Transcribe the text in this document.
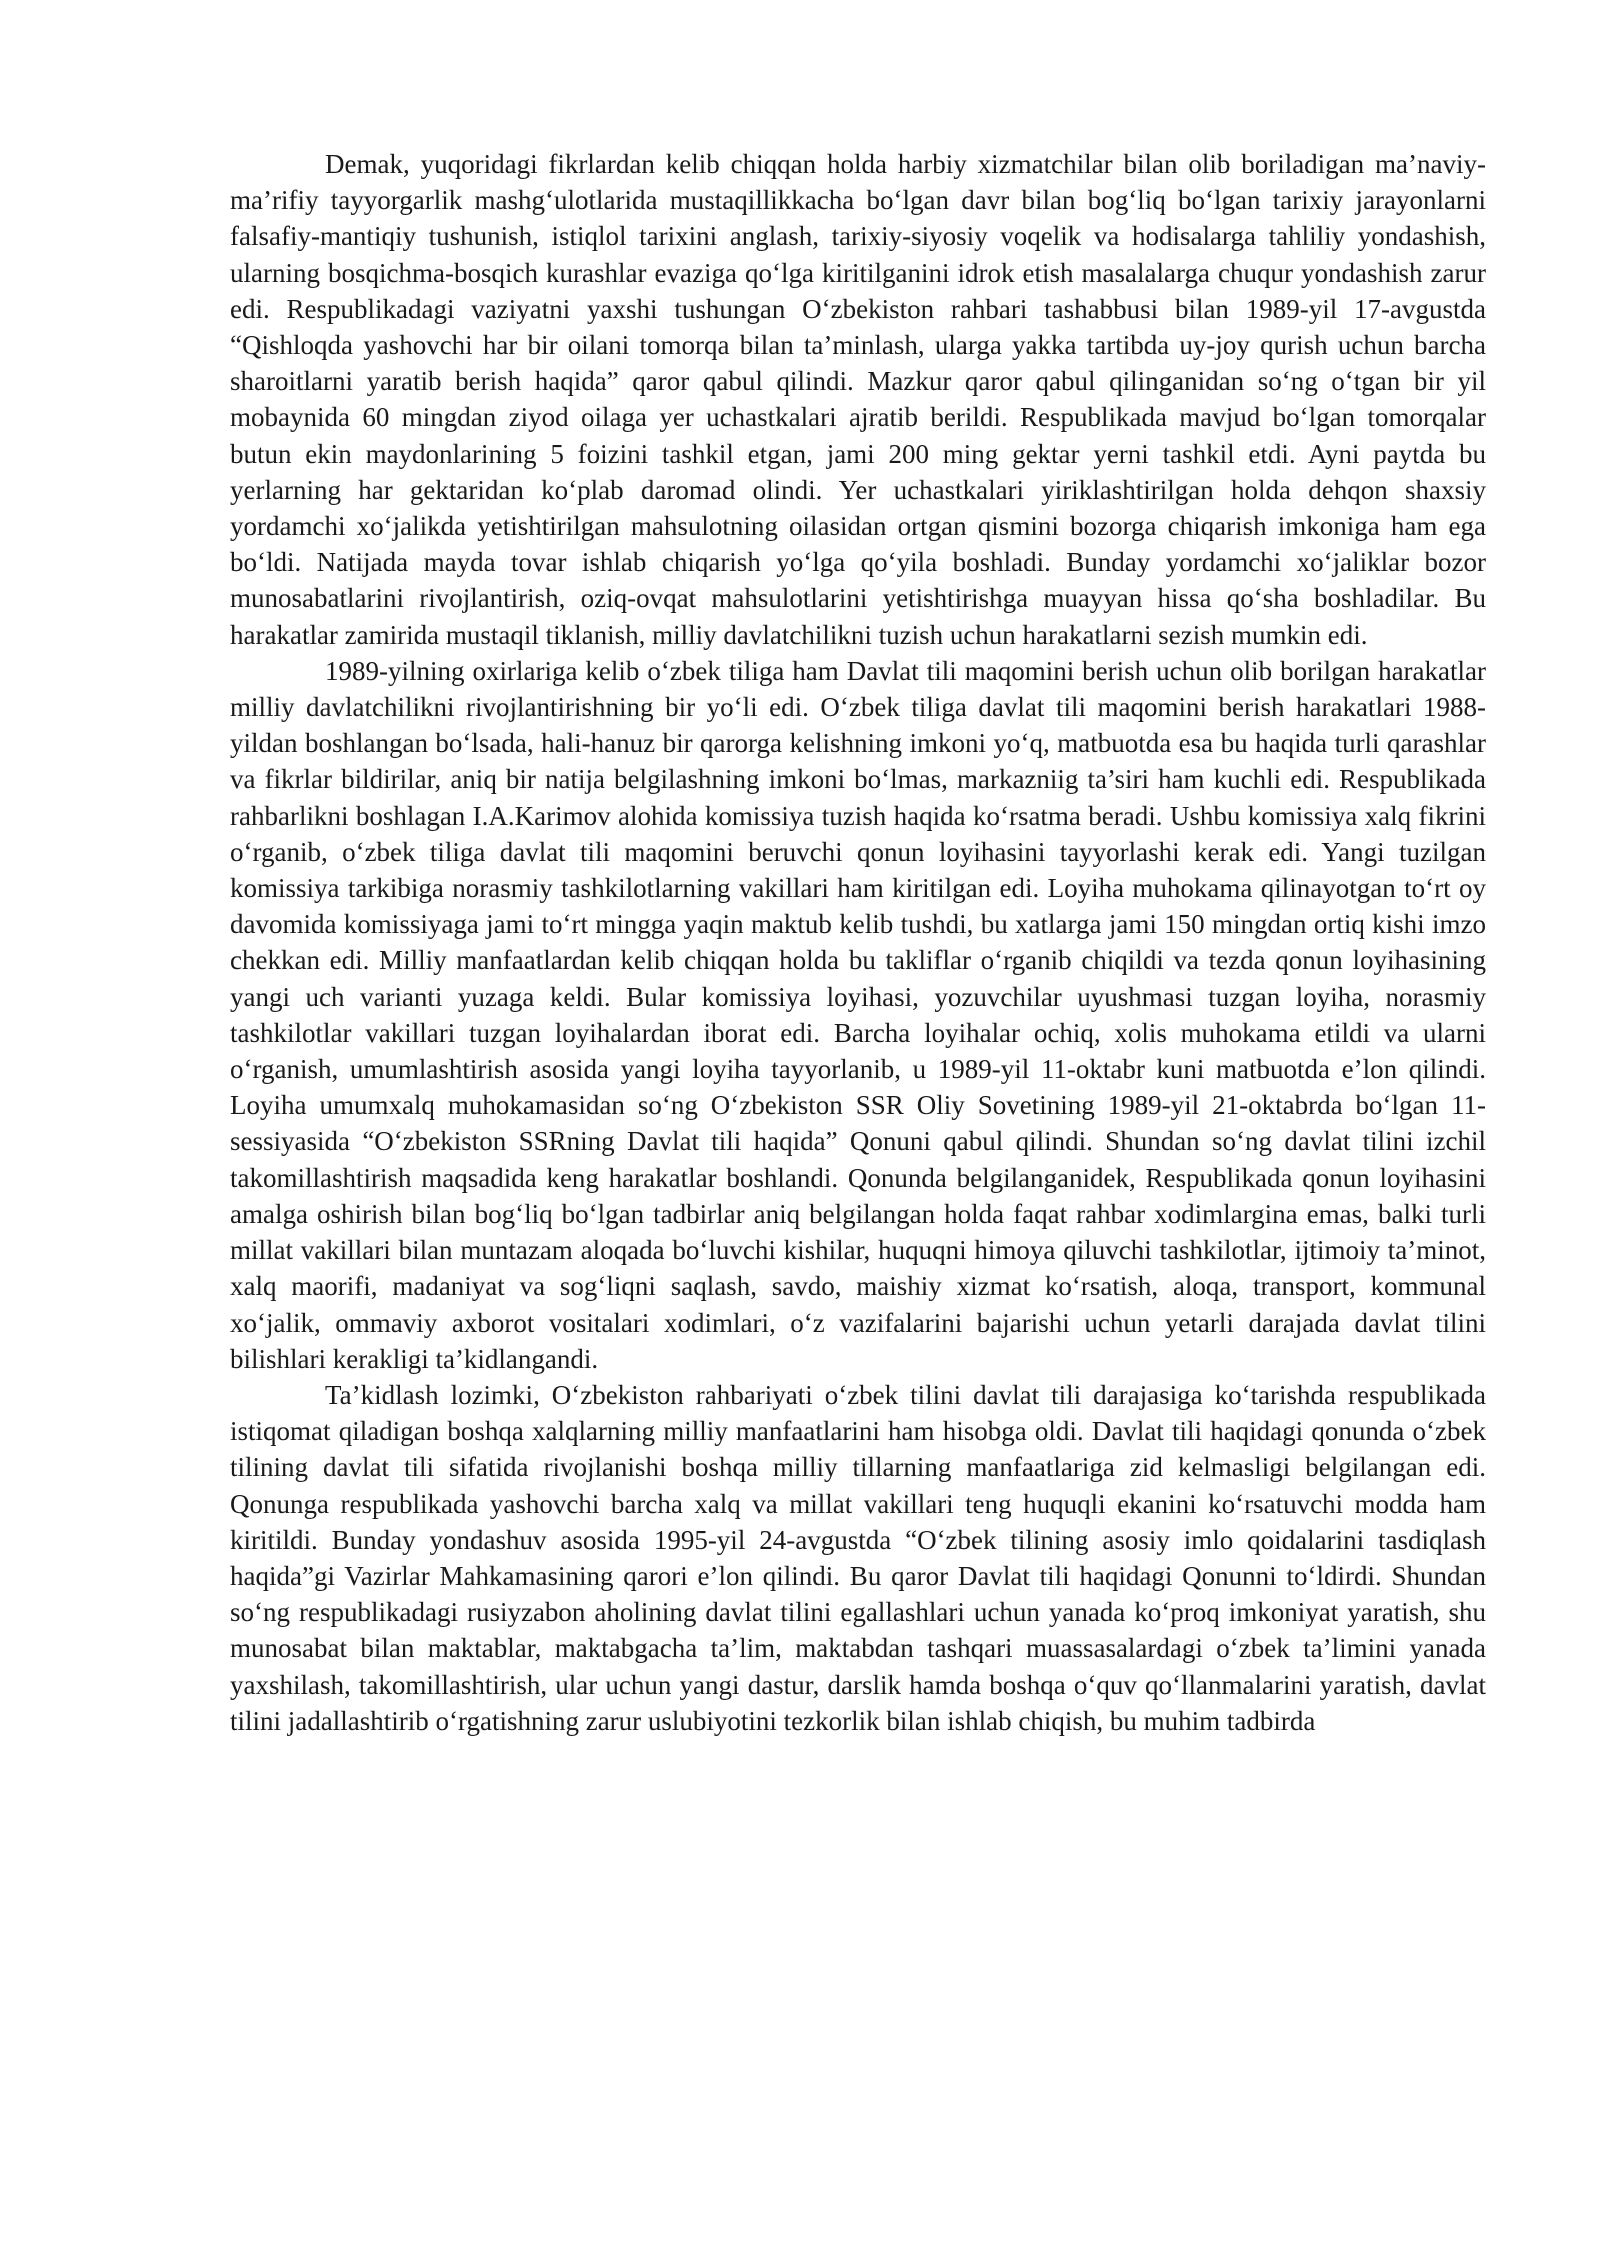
Demak, yuqoridagi fikrlardan kelib chiqqan holda harbiy xizmatchilar bilan olib boriladigan ma’naviy-ma’rifiy tayyorgarlik mashg‘ulotlarida mustaqillikkacha bo‘lgan davr bilan bog‘liq bo‘lgan tarixiy jarayonlarni falsafiy-mantiqiy tushunish, istiqlol tarixini anglash, tarixiy-siyosiy voqelik va hodisalarga tahliliy yondashish, ularning bosqichma-bosqich kurashlar evaziga qo‘lga kiritilganini idrok etish masalalarga chuqur yondashish zarur edi. Respublikadagi vaziyatni yaxshi tushungan O‘zbekiston rahbari tashabbusi bilan 1989-yil 17-avgustda “Qishloqda yashovchi har bir oilani tomorqa bilan ta’minlash, ularga yakka tartibda uy-joy qurish uchun barcha sharoitlarni yaratib berish haqida” qaror qabul qilindi. Mazkur qaror qabul qilinganidan so‘ng o‘tgan bir yil mobaynida 60 mingdan ziyod oilaga yer uchastkalari ajratib berildi. Respublikada mavjud bo‘lgan tomorqalar butun ekin maydonlarining 5 foizini tashkil etgan, jami 200 ming gektar yerni tashkil etdi. Ayni paytda bu yerlarning har gektaridan ko‘plab daromad olindi. Yer uchastkalari yiriklashtirilgan holda dehqon shaxsiy yordamchi xo‘jalikda yetishtirilgan mahsulotning oilasidan ortgan qismini bozorga chiqarish imkoniga ham ega bo‘ldi. Natijada mayda tovar ishlab chiqarish yo‘lga qo‘yila boshladi. Bunday yordamchi xo‘jaliklar bozor munosabatlarini rivojlantirish, oziq-ovqat mahsulotlarini yetishtirishga muayyan hissa qo‘sha boshladilar. Bu harakatlar zamirida mustaqil tiklanish, milliy davlatchilikni tuzish uchun harakatlarni sezish mumkin edi.

1989-yilning oxirlariga kelib o‘zbek tiliga ham Davlat tili maqomini berish uchun olib borilgan harakatlar milliy davlatchilikni rivojlantirishning bir yo‘li edi. O‘zbek tiliga davlat tili maqomini berish harakatlari 1988-yildan boshlangan bo‘lsada, hali-hanuz bir qarorga kelishning imkoni yo‘q, matbuotda esa bu haqida turli qarashlar va fikrlar bildirilar, aniq bir natija belgilashning imkoni bo‘lmas, markazniig ta’siri ham kuchli edi. Respublikada rahbarlikni boshlagan I.A.Karimov alohida komissiya tuzish haqida ko‘rsatma beradi. Ushbu komissiya xalq fikrini o‘rganib, o‘zbek tiliga davlat tili maqomini beruvchi qonun loyihasini tayyorlashi kerak edi. Yangi tuzilgan komissiya tarkibiga norasmiy tashkilotlarning vakillari ham kiritilgan edi. Loyiha muhokama qilinayotgan to‘rt oy davomida komissiyaga jami to‘rt mingga yaqin maktub kelib tushdi, bu xatlarga jami 150 mingdan ortiq kishi imzo chekkan edi. Milliy manfaatlardan kelib chiqqan holda bu takliflar o‘rganib chiqildi va tezda qonun loyihasining yangi uch varianti yuzaga keldi. Bular komissiya loyihasi, yozuvchilar uyushmasi tuzgan loyiha, norasmiy tashkilotlar vakillari tuzgan loyihalardan iborat edi. Barcha loyihalar ochiq, xolis muhokama etildi va ularni o‘rganish, umumlashtirish asosida yangi loyiha tayyorlanib, u 1989-yil 11-oktabr kuni matbuotda e’lon qilindi. Loyiha umumxalq muhokamasidan so‘ng O‘zbekiston SSR Oliy Sovetining 1989-yil 21-oktabrda bo‘lgan 11-sessiyasida “O‘zbekiston SSRning Davlat tili haqida” Qonuni qabul qilindi. Shundan so‘ng davlat tilini izchil takomillashtirish maqsadida keng harakatlar boshlandi. Qonunda belgilanganidek, Respublikada qonun loyihasini amalga oshirish bilan bog‘liq bo‘lgan tadbirlar aniq belgilangan holda faqat rahbar xodimlargina emas, balki turli millat vakillari bilan muntazam aloqada bo‘luvchi kishilar, huquqni himoya qiluvchi tashkilotlar, ijtimoiy ta’minot, xalq maorifi, madaniyat va sog‘liqni saqlash, savdo, maishiy xizmat ko‘rsatish, aloqa, transport, kommunal xo‘jalik, ommaviy axborot vositalari xodimlari, o‘z vazifalarini bajarishi uchun yetarli darajada davlat tilini bilishlari kerakligi ta’kidlangandi.

Ta’kidlash lozimki, O‘zbekiston rahbariyati o‘zbek tilini davlat tili darajasiga ko‘tarishda respublikada istiqomat qiladigan boshqa xalqlarning milliy manfaatlarini ham hisobga oldi. Davlat tili haqidagi qonunda o‘zbek tilining davlat tili sifatida rivojlanishi boshqa milliy tillarning manfaatlariga zid kelmasligi belgilangan edi. Qonunga respublikada yashovchi barcha xalq va millat vakillari teng huquqli ekanini ko‘rsatuvchi modda ham kiritildi. Bunday yondashuv asosida 1995-yil 24-avgustda “O‘zbek tilining asosiy imlo qoidalarini tasdiqlash haqida”gi Vazirlar Mahkamasining qarori e’lon qilindi. Bu qaror Davlat tili haqidagi Qonunni to‘ldirdi. Shundan so‘ng respublikadagi rusiyzabon aholining davlat tilini egallashlari uchun yanada ko‘proq imkoniyat yaratish, shu munosabat bilan maktablar, maktabgacha ta’lim, maktabdan tashqari muassasalardagi o‘zbek ta’limini yanada yaxshilash, takomillashtirish, ular uchun yangi dastur, darslik hamda boshqa o‘quv qo‘llanmalarini yaratish, davlat tilini jadallashtirib o‘rgatishning zarur uslubiyotini tezkorlik bilan ishlab chiqish, bu muhim tadbirda
